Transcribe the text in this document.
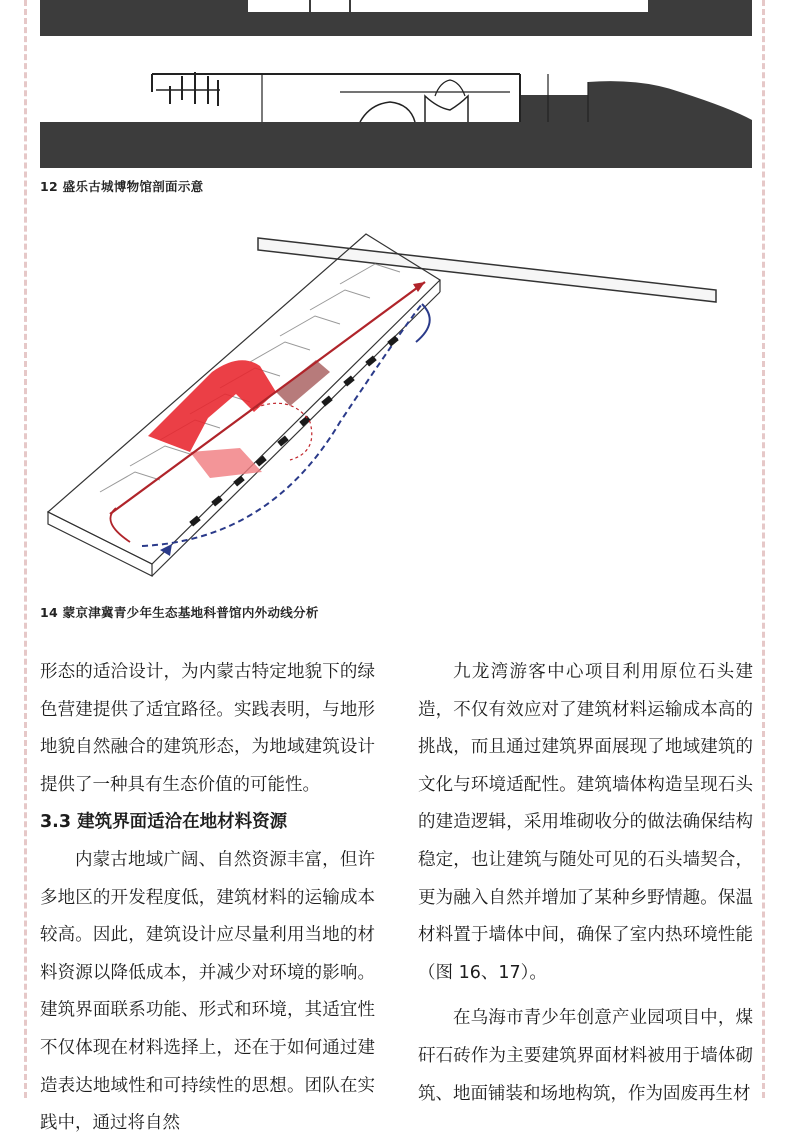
12 盛乐古城博物馆剖面示意
14 蒙京津冀青少年生态基地科普馆内外动线分析

形态的适洽设计，为内蒙古特定地貌下的绿色营建提供了适宜路径。实践表明，与地形地貌自然融合的建筑形态，为地域建筑设计提供了一种具有生态价值的可能性。

3.3 建筑界面适洽在地材料资源

内蒙古地域广阔、自然资源丰富，但许多地区的开发程度低，建筑材料的运输成本较高。因此，建筑设计应尽量利用当地的材料资源以降低成本，并减少对环境的影响。建筑界面联系功能、形式和环境，其适宜性不仅体现在材料选择上，还在于如何通过建造表达地域性和可持续性的思想。团队在实践中，通过将自然

九龙湾游客中心项目利用原位石头建造，不仅有效应对了建筑材料运输成本高的挑战，而且通过建筑界面展现了地域建筑的文化与环境适配性。建筑墙体构造呈现石头的建造逻辑，采用堆砌收分的做法确保结构稳定，也让建筑与随处可见的石头墙契合，更为融入自然并增加了某种乡野情趣。保温材料置于墙体中间，确保了室内热环境性能（图 16、17）。

在乌海市青少年创意产业园项目中，煤矸石砖作为主要建筑界面材料被用于墙体砌筑、地面铺装和场地构筑，作为固废再生材
